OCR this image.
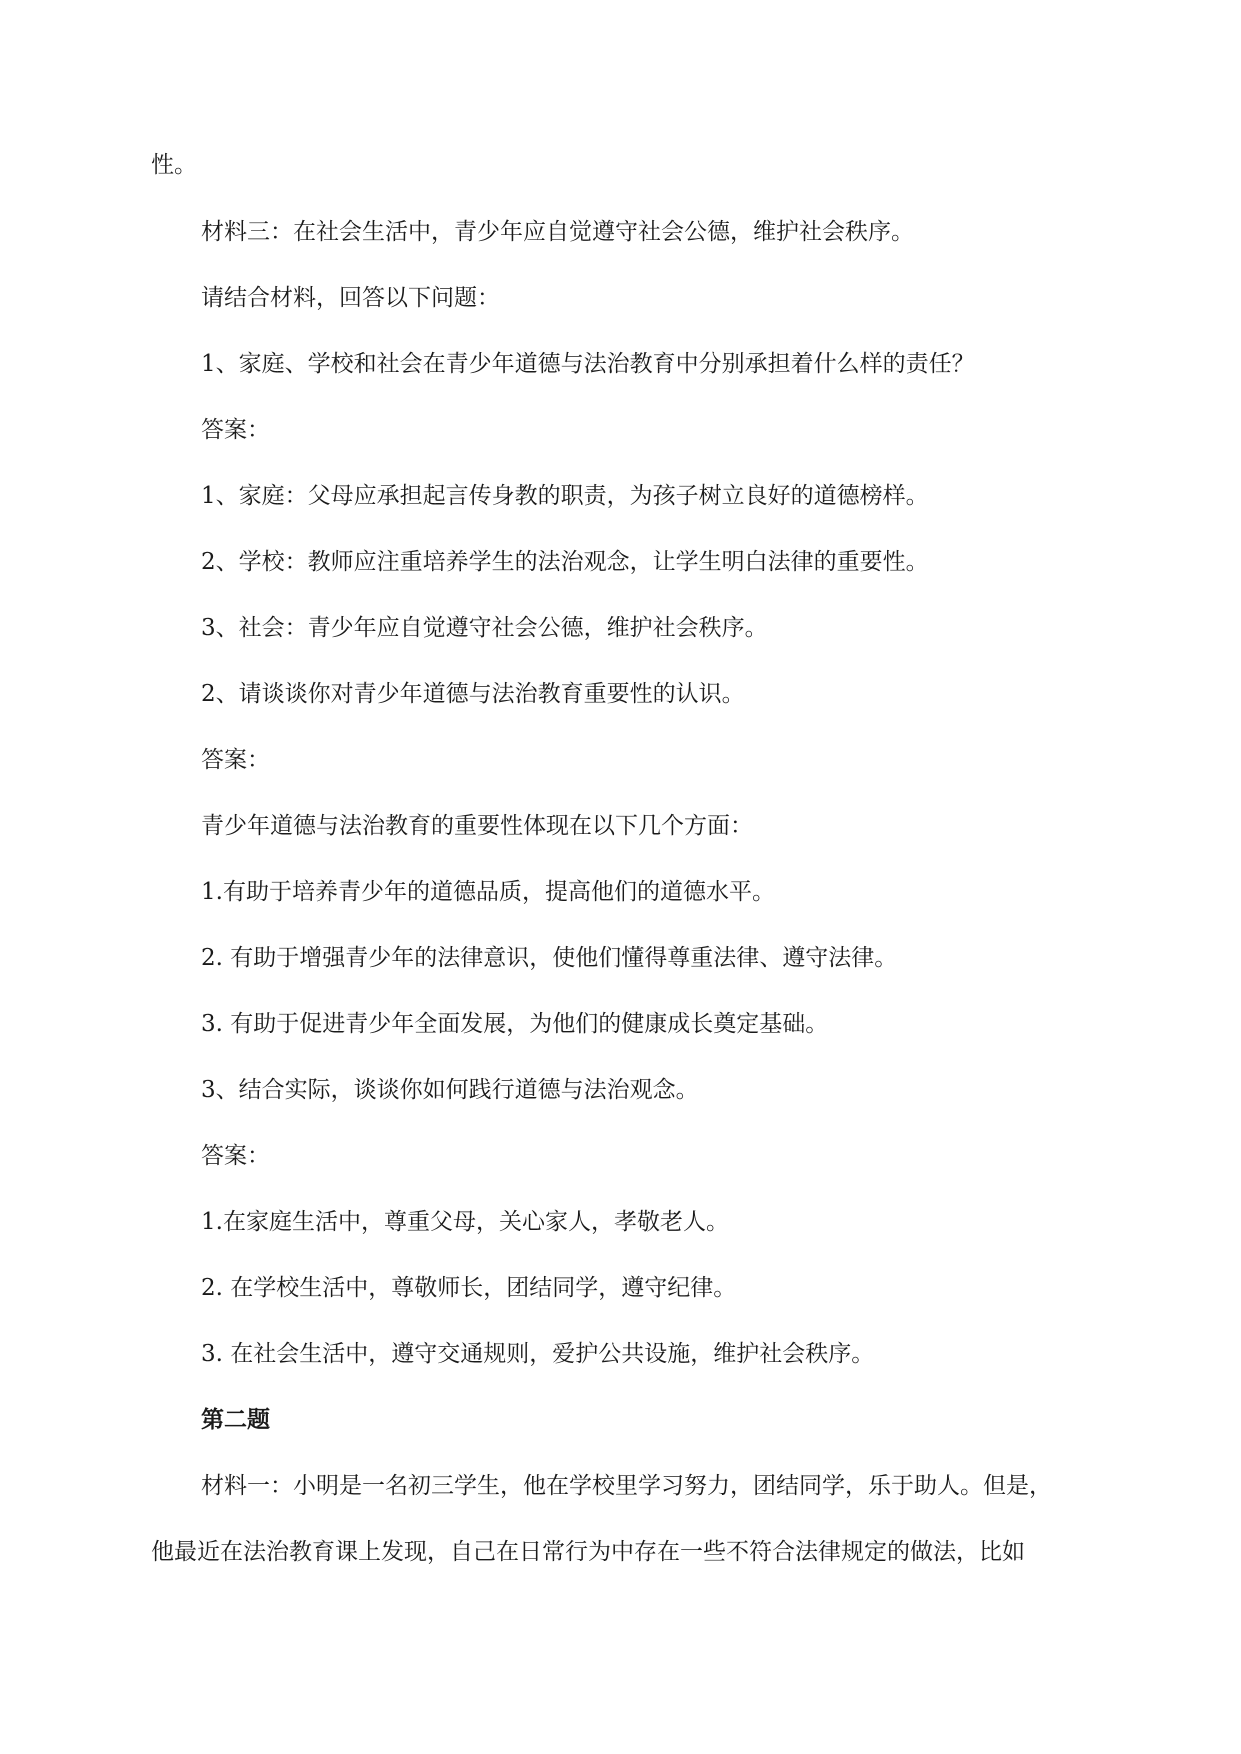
性。

材料三：在社会生活中，青少年应自觉遵守社会公德，维护社会秩序。

请结合材料，回答以下问题：

1、家庭、学校和社会在青少年道德与法治教育中分别承担着什么样的责任？

答案：

1、家庭：父母应承担起言传身教的职责，为孩子树立良好的道德榜样。

2、学校：教师应注重培养学生的法治观念，让学生明白法律的重要性。

3、社会：青少年应自觉遵守社会公德，维护社会秩序。

2、请谈谈你对青少年道德与法治教育重要性的认识。

答案：

青少年道德与法治教育的重要性体现在以下几个方面：

1.有助于培养青少年的道德品质，提高他们的道德水平。

2. 有助于增强青少年的法律意识，使他们懂得尊重法律、遵守法律。

3. 有助于促进青少年全面发展，为他们的健康成长奠定基础。

3、结合实际，谈谈你如何践行道德与法治观念。

答案：

1.在家庭生活中，尊重父母，关心家人，孝敬老人。

2. 在学校生活中，尊敬师长，团结同学，遵守纪律。

3. 在社会生活中，遵守交通规则，爱护公共设施，维护社会秩序。

第二题

材料一：小明是一名初三学生，他在学校里学习努力，团结同学，乐于助人。但是，

他最近在法治教育课上发现，自己在日常行为中存在一些不符合法律规定的做法，比如
